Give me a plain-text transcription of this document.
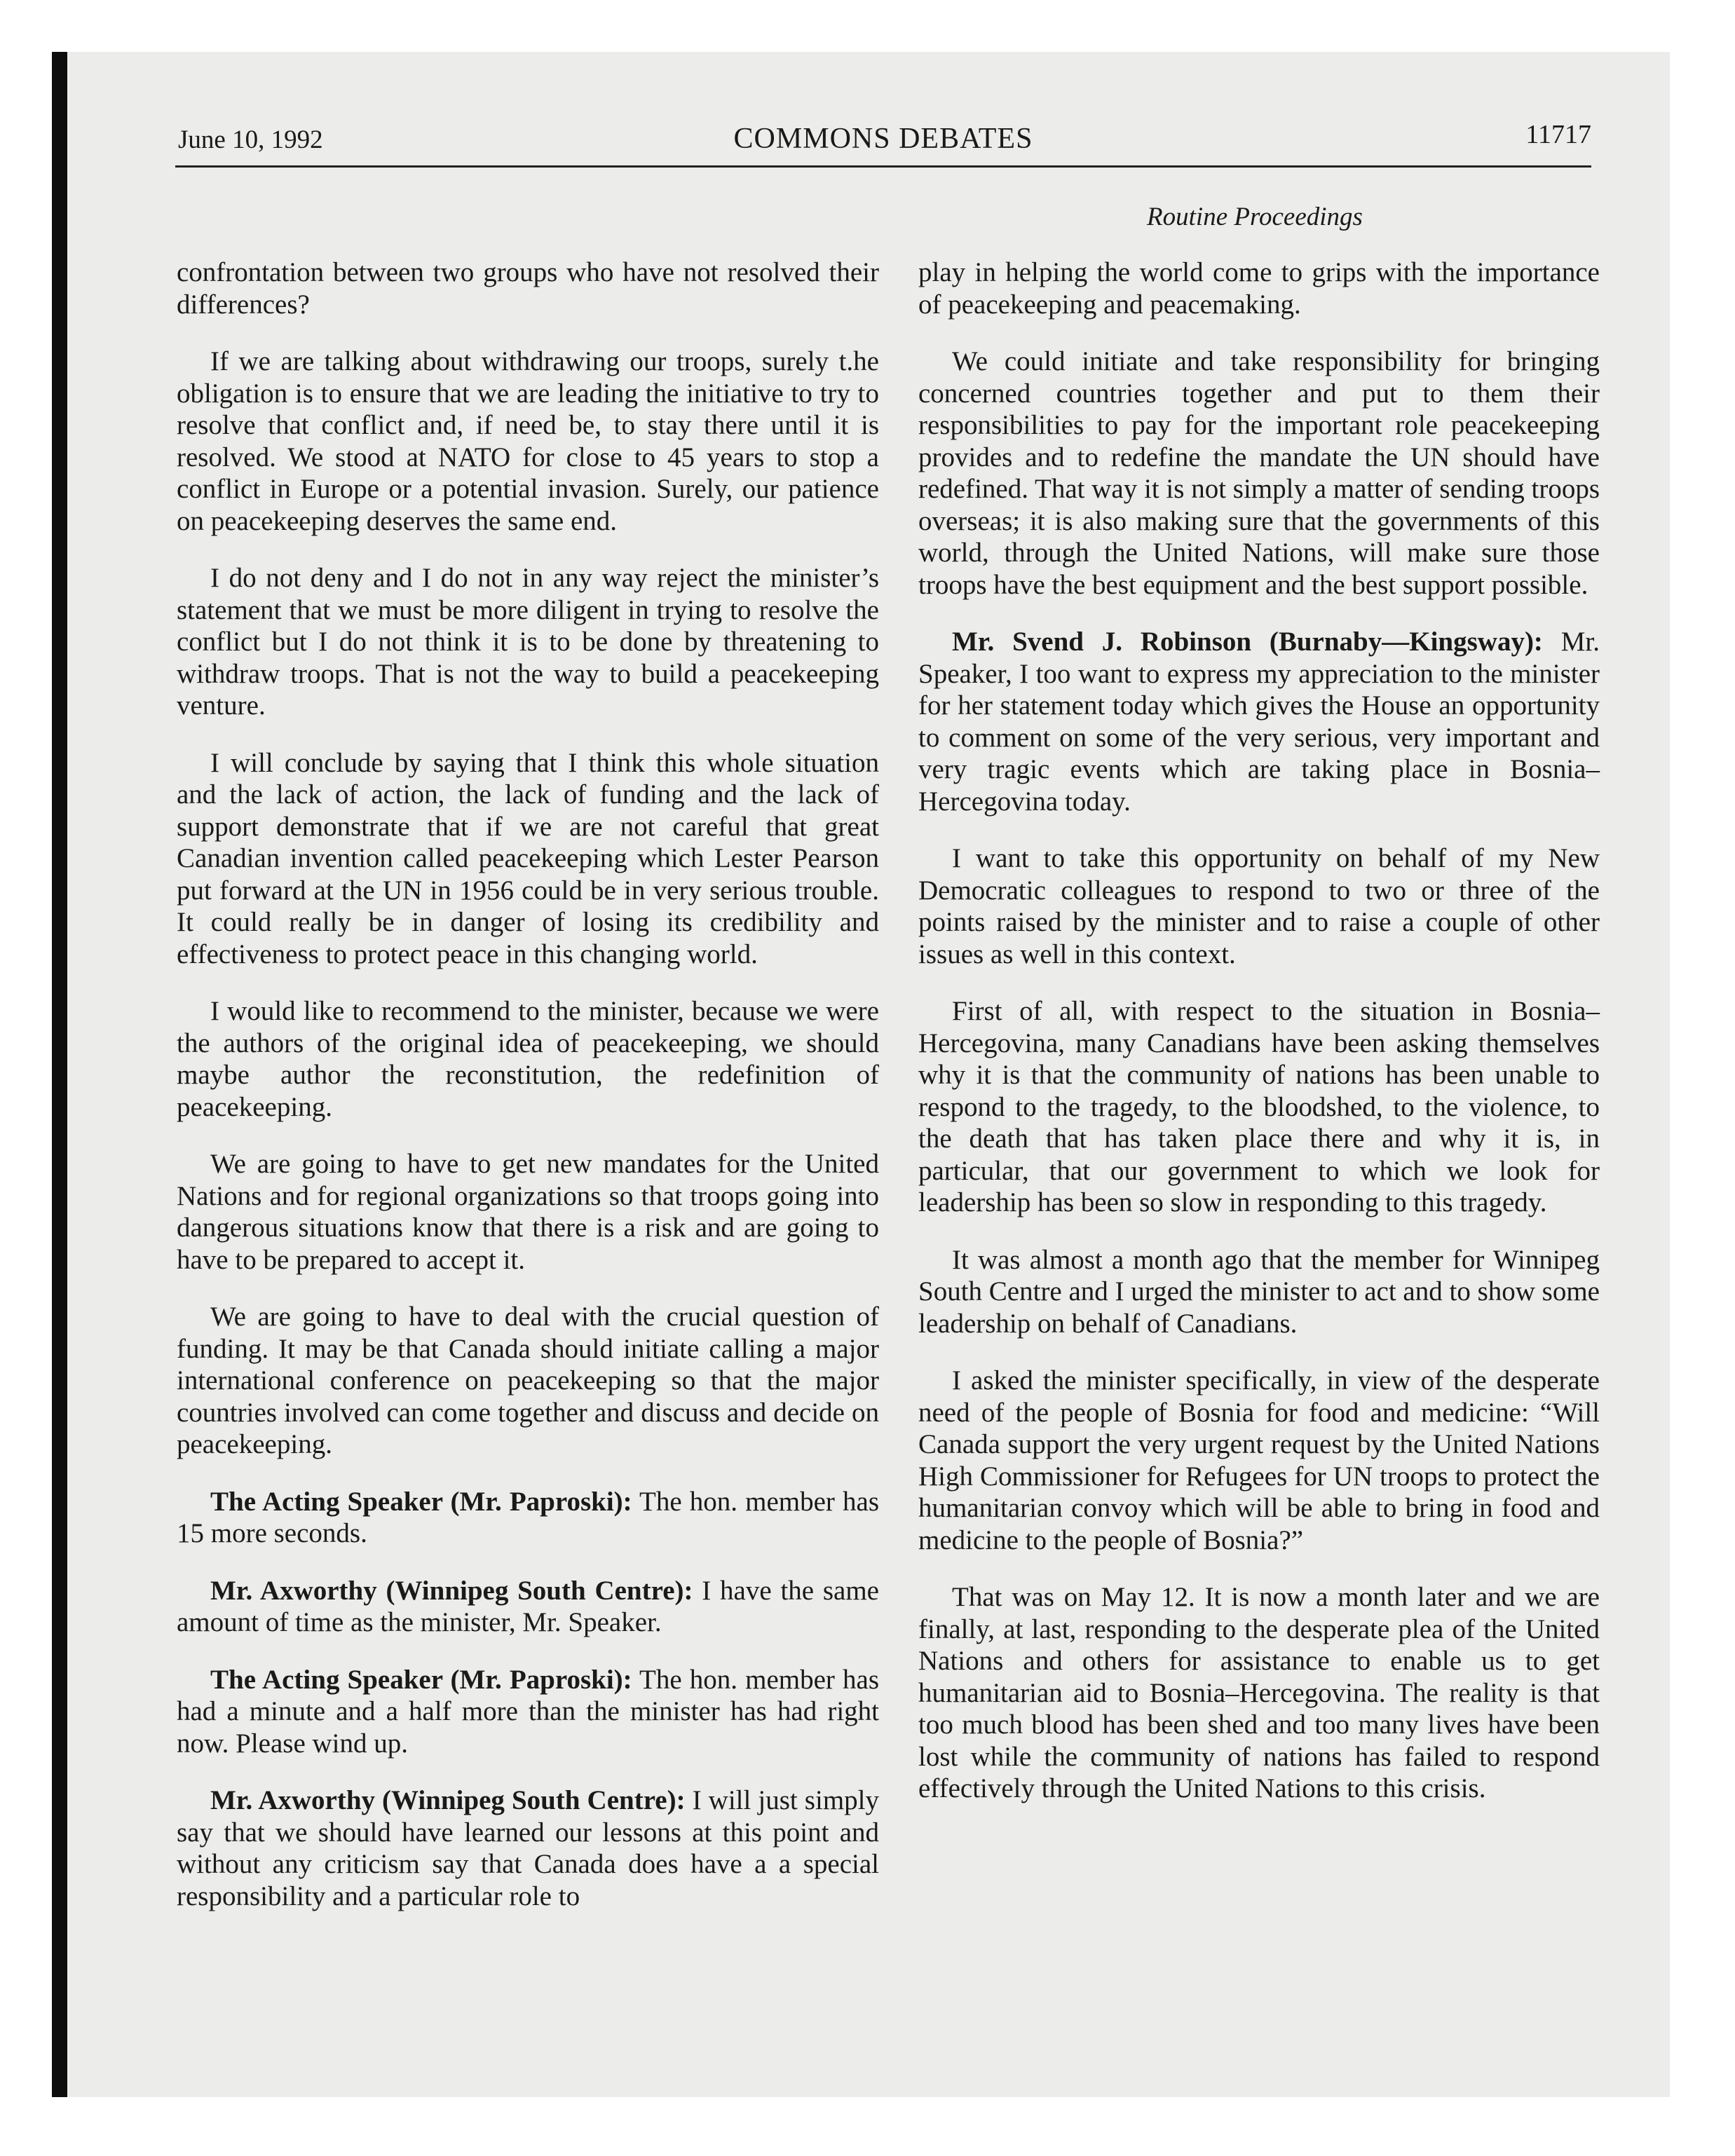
June 10, 1992	COMMONS DEBATES	11717
Routine Proceedings

confrontation between two groups who have not resolved their differences?

If we are talking about withdrawing our troops, surely t.he obligation is to ensure that we are leading the initiative to try to resolve that conflict and, if need be, to stay there until it is resolved. We stood at NATO for close to 45 years to stop a conflict in Europe or a potential invasion. Surely, our patience on peacekeeping deserves the same end.

I do not deny and I do not in any way reject the minister’s statement that we must be more diligent in trying to resolve the conflict but I do not think it is to be done by threatening to withdraw troops. That is not the way to build a peacekeeping venture.

I will conclude by saying that I think this whole situation and the lack of action, the lack of funding and the lack of support demonstrate that if we are not careful that great Canadian invention called peacekeeping which Lester Pearson put forward at the UN in 1956 could be in very serious trouble. It could really be in danger of losing its credibility and effectiveness to protect peace in this changing world.

I would like to recommend to the minister, because we were the authors of the original idea of peacekeeping, we should maybe author the reconstitution, the redefinition of peacekeeping.

We are going to have to get new mandates for the United Nations and for regional organizations so that troops going into dangerous situations know that there is a risk and are going to have to be prepared to accept it.

We are going to have to deal with the crucial question of funding. It may be that Canada should initiate calling a major international conference on peacekeeping so that the major countries involved can come together and discuss and decide on peacekeeping.

The Acting Speaker (Mr. Paproski): The hon. member has 15 more seconds.

Mr. Axworthy (Winnipeg South Centre): I have the same amount of time as the minister, Mr. Speaker.

The Acting Speaker (Mr. Paproski): The hon. member has had a minute and a half more than the minister has had right now. Please wind up.

Mr. Axworthy (Winnipeg South Centre): I will just simply say that we should have learned our lessons at this point and without any criticism say that Canada does have a a special responsibility and a particular role to

play in helping the world come to grips with the importance of peacekeeping and peacemaking.

We could initiate and take responsibility for bringing concerned countries together and put to them their responsibilities to pay for the important role peacekeeping provides and to redefine the mandate the UN should have redefined. That way it is not simply a matter of sending troops overseas; it is also making sure that the governments of this world, through the United Nations, will make sure those troops have the best equipment and the best support possible.

Mr. Svend J. Robinson (Burnaby—Kingsway): Mr. Speaker, I too want to express my appreciation to the minister for her statement today which gives the House an opportunity to comment on some of the very serious, very important and very tragic events which are taking place in Bosnia–Hercegovina today.

I want to take this opportunity on behalf of my New Democratic colleagues to respond to two or three of the points raised by the minister and to raise a couple of other issues as well in this context.

First of all, with respect to the situation in Bosnia–Hercegovina, many Canadians have been asking themselves why it is that the community of nations has been unable to respond to the tragedy, to the bloodshed, to the violence, to the death that has taken place there and why it is, in particular, that our government to which we look for leadership has been so slow in responding to this tragedy.

It was almost a month ago that the member for Winnipeg South Centre and I urged the minister to act and to show some leadership on behalf of Canadians.

I asked the minister specifically, in view of the desperate need of the people of Bosnia for food and medicine: “Will Canada support the very urgent request by the United Nations High Commissioner for Refugees for UN troops to protect the humanitarian convoy which will be able to bring in food and medicine to the people of Bosnia?”

That was on May 12. It is now a month later and we are finally, at last, responding to the desperate plea of the United Nations and others for assistance to enable us to get humanitarian aid to Bosnia–Hercegovina. The reality is that too much blood has been shed and too many lives have been lost while the community of nations has failed to respond effectively through the United Nations to this crisis.
